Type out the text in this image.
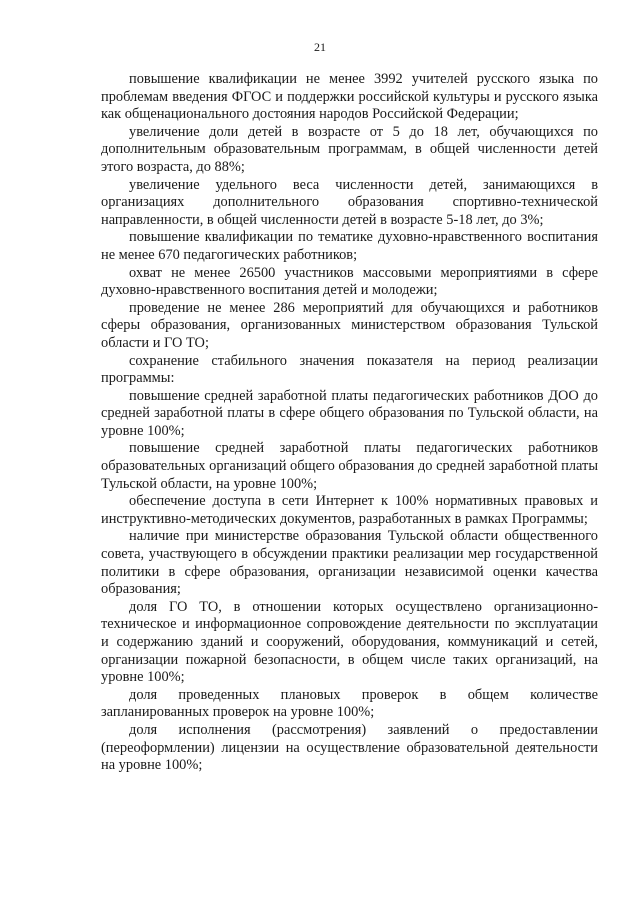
21

повышение квалификации не менее 3992 учителей русского языка по проблемам введения ФГОС и поддержки российской культуры и русского языка как общенационального достояния народов Российской Федерации;

увеличение доли детей в возрасте от 5 до 18 лет, обучающихся по дополнительным образовательным программам, в общей численности детей этого возраста, до 88%;

увеличение удельного веса численности детей, занимающихся в организациях дополнительного образования спортивно-технической направленности, в общей численности детей в возрасте 5-18 лет, до 3%;

повышение квалификации по тематике духовно-нравственного воспитания не менее 670 педагогических работников;

охват не менее 26500 участников массовыми мероприятиями в сфере духовно-нравственного воспитания детей и молодежи;

проведение не менее 286 мероприятий для обучающихся и работников сферы образования, организованных министерством образования Тульской области и ГО ТО;

сохранение стабильного значения показателя на период реализации программы:

повышение средней заработной платы педагогических работников ДОО до средней заработной платы в сфере общего образования по Тульской области, на уровне 100%;

повышение средней заработной платы педагогических работников образовательных организаций общего образования до средней заработной платы Тульской области, на уровне 100%;

обеспечение доступа в сети Интернет к 100% нормативных правовых и инструктивно-методических документов, разработанных в рамках Программы;

наличие при министерстве образования Тульской области общественного совета, участвующего в обсуждении практики реализации мер государственной политики в сфере образования, организации независимой оценки качества образования;

доля ГО ТО, в отношении которых осуществлено организационно-техническое и информационное сопровождение деятельности по эксплуатации и содержанию зданий и сооружений, оборудования, коммуникаций и сетей, организации пожарной безопасности, в общем числе таких организаций, на уровне 100%;

доля проведенных плановых проверок в общем количестве запланированных проверок на уровне 100%;

доля исполнения (рассмотрения) заявлений о предоставлении (переоформлении) лицензии на осуществление образовательной деятельности на уровне 100%;
